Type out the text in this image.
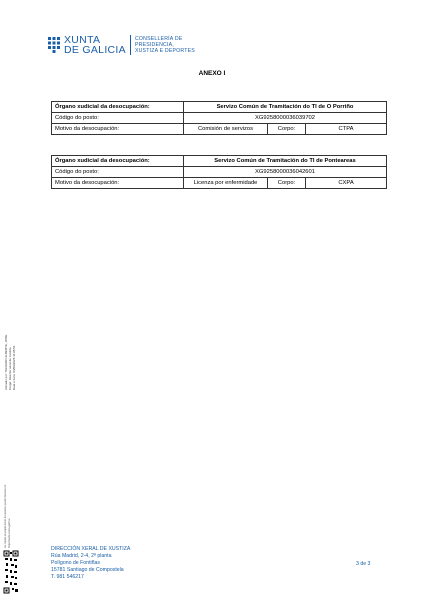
XUNTA
DE GALICIA
CONSELLERÍA DE
PRESIDENCIA,
XUSTIZA E DEPORTES
ANEXO I
Órgano xudicial da desocupación:	Servizo Común de Tramitación do TI de O Porriño		
Código do posto:	XG9258000036039702		
Motivo da desocupación:	Comisión de servizos	Corpo:	CTPA
Órgano xudicial da desocupación:	Servizo Común de Tramitación do TI de Ponteareas		
Código do posto:	XG9258000036042601		
Motivo da desocupación:	Licenza por enfermidade	Corpo:	CXPA
Asinado por: TEIXEIRO ALBERTE, JOSE Cargo: Director xeral de Xustiza Data e hora: 04/09/2025 11:05:51
As copias en papel deste documento poden facerse en https://sede.xunta.gal/cve
DIRECCIÓN XERAL DE XUSTIZA
Rúa Madrid, 2-4, 2ª planta
Polígono de Fontiñas
15781 Santiago de Compostela
T. 981 546217
3 de 3
